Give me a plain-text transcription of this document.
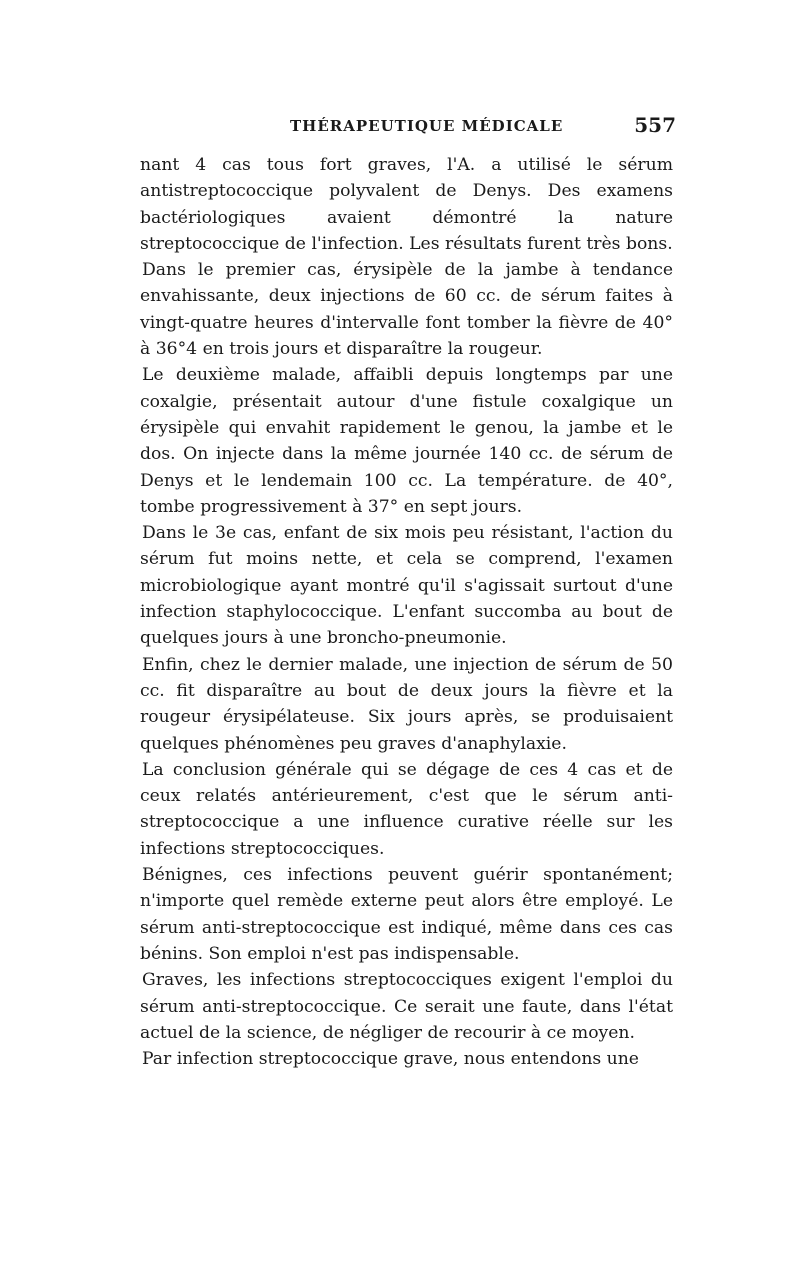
THÉRAPEUTIQUE MÉDICALE	557

nant 4 cas tous fort graves, l'A. a utilisé le sérum antistreptococcique polyvalent de Denys. Des examens bactériologiques avaient démontré la nature streptococcique de l'infection. Les résultats furent très bons.

Dans le premier cas, érysipèle de la jambe à tendance envahissante, deux injections de 60 cc. de sérum faites à vingt-quatre heures d'intervalle font tomber la fièvre de 40° à 36°4 en trois jours et disparaître la rougeur.

Le deuxième malade, affaibli depuis longtemps par une coxalgie, présentait autour d'une fistule coxalgique un érysipèle qui envahit rapidement le genou, la jambe et le dos. On injecte dans la même journée 140 cc. de sérum de Denys et le lendemain 100 cc. La température. de 40°, tombe progressivement à 37° en sept jours.

Dans le 3e cas, enfant de six mois peu résistant, l'action du sérum fut moins nette, et cela se comprend, l'examen microbiologique ayant montré qu'il s'agissait surtout d'une infection staphylococcique. L'enfant succomba au bout de quelques jours à une broncho-pneumonie.

Enfin, chez le dernier malade, une injection de sérum de 50 cc. fit disparaître au bout de deux jours la fièvre et la rougeur érysipélateuse. Six jours après, se produisaient quelques phénomènes peu graves d'anaphylaxie.

La conclusion générale qui se dégage de ces 4 cas et de ceux relatés antérieurement, c'est que le sérum anti-streptococcique a une influence curative réelle sur les infections streptococciques.

Bénignes, ces infections peuvent guérir spontanément; n'importe quel remède externe peut alors être employé. Le sérum anti-streptococcique est indiqué, même dans ces cas bénins. Son emploi n'est pas indispensable.

Graves, les infections streptococciques exigent l'emploi du sérum anti-streptococcique. Ce serait une faute, dans l'état actuel de la science, de négliger de recourir à ce moyen.

Par infection streptococcique grave, nous entendons une
